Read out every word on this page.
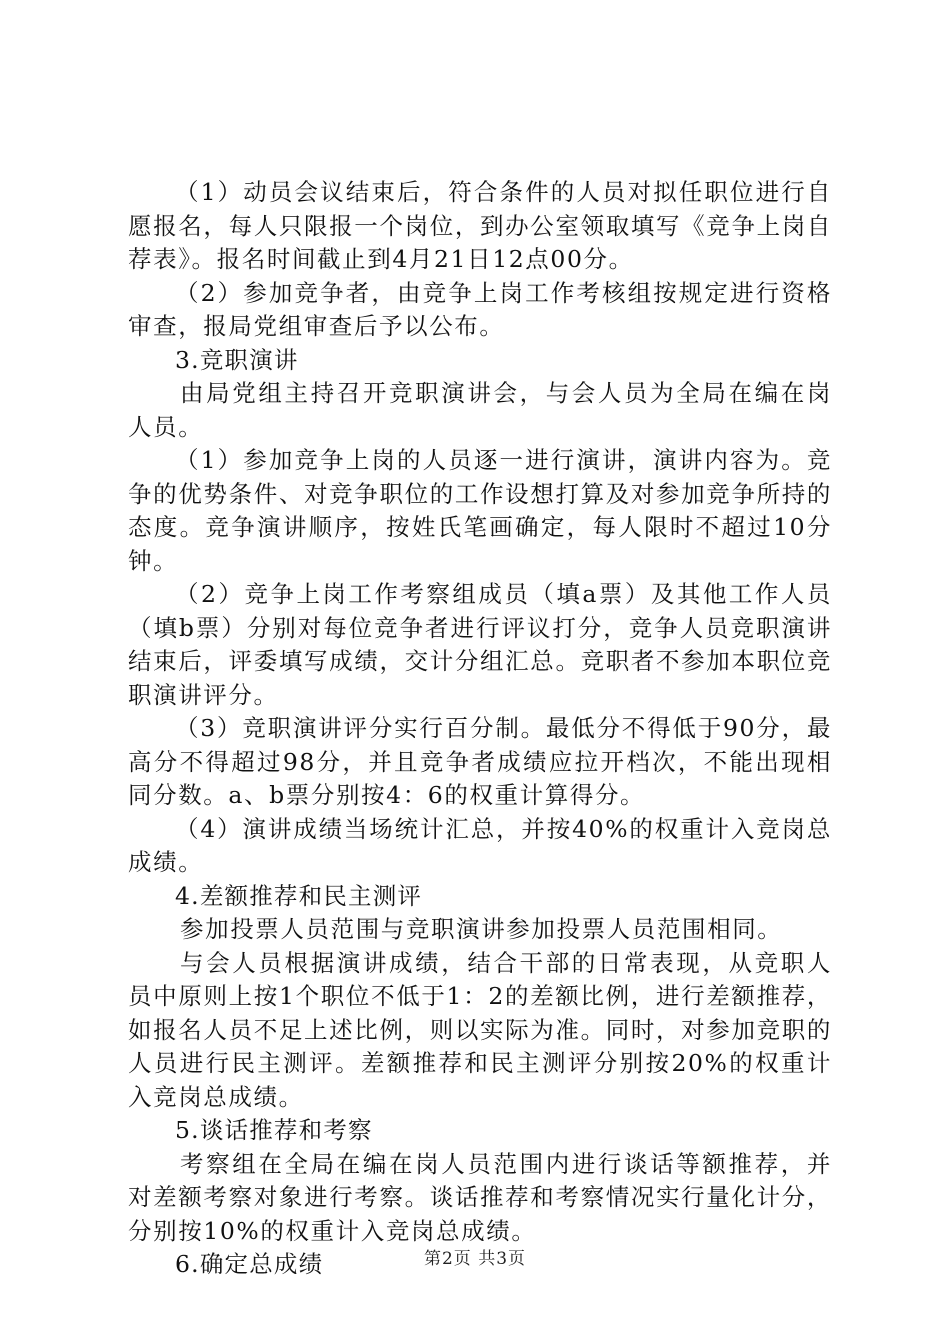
（1）动员会议结束后，符合条件的人员对拟任职位进行自愿报名，每人只限报一个岗位，到办公室领取填写《竞争上岗自荐表》。报名时间截止到4月21日12点00分。

（2）参加竞争者，由竞争上岗工作考核组按规定进行资格审查，报局党组审查后予以公布。

3.竞职演讲

由局党组主持召开竞职演讲会，与会人员为全局在编在岗人员。

（1）参加竞争上岗的人员逐一进行演讲，演讲内容为。竞争的优势条件、对竞争职位的工作设想打算及对参加竞争所持的态度。竞争演讲顺序，按姓氏笔画确定，每人限时不超过10分钟。

（2）竞争上岗工作考察组成员（填a票）及其他工作人员（填b票）分别对每位竞争者进行评议打分，竞争人员竞职演讲结束后，评委填写成绩，交计分组汇总。竞职者不参加本职位竞职演讲评分。

（3）竞职演讲评分实行百分制。最低分不得低于90分，最高分不得超过98分，并且竞争者成绩应拉开档次，不能出现相同分数。a、b票分别按4：6的权重计算得分。

（4）演讲成绩当场统计汇总，并按40%的权重计入竞岗总成绩。

4.差额推荐和民主测评

参加投票人员范围与竞职演讲参加投票人员范围相同。

与会人员根据演讲成绩，结合干部的日常表现，从竞职人员中原则上按1个职位不低于1：2的差额比例，进行差额推荐，如报名人员不足上述比例，则以实际为准。同时，对参加竞职的人员进行民主测评。差额推荐和民主测评分别按20%的权重计入竞岗总成绩。

5.谈话推荐和考察

考察组在全局在编在岗人员范围内进行谈话等额推荐，并对差额考察对象进行考察。谈话推荐和考察情况实行量化计分，分别按10%的权重计入竞岗总成绩。

6.确定总成绩	第2页 共3页
